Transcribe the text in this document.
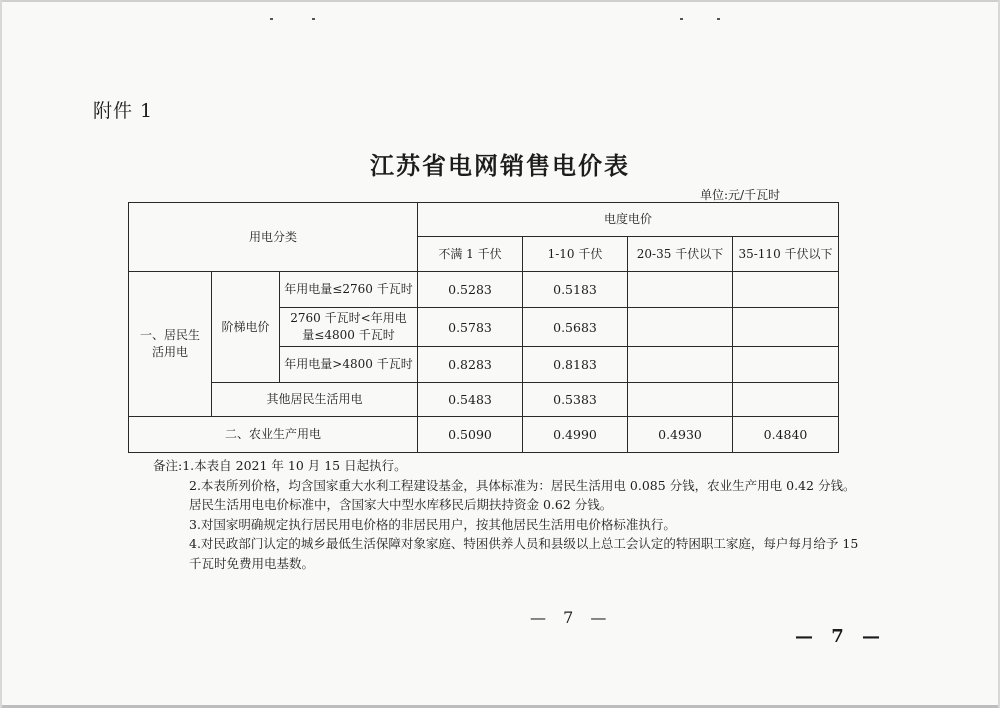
附件 1
江苏省电网销售电价表
单位:元/千瓦时
用电分类			电度电价			
			不满 1 千伏	1-10 千伏	20-35 千伏以下	35-110 千伏以下
一、居民生活用电	阶梯电价	年用电量≤2760 千瓦时	0.5283	0.5183		
		2760 千瓦时<年用电量≤4800 千瓦时	0.5783	0.5683		
		年用电量>4800 千瓦时	0.8283	0.8183		
	其他居民生活用电		0.5483	0.5383		
二、农业生产用电			0.5090	0.4990	0.4930	0.4840

备注:1.本表自 2021 年 10 月 15 日起执行。

2.本表所列价格，均含国家重大水利工程建设基金，具体标准为：居民生活用电 0.085 分钱，农业生产用电 0.42 分钱。居民生活用电电价标准中，含国家大中型水库移民后期扶持资金 0.62 分钱。

3.对国家明确规定执行居民用电价格的非居民用户，按其他居民生活用电价格标准执行。

4.对民政部门认定的城乡最低生活保障对象家庭、特困供养人员和县级以上总工会认定的特困职工家庭，每户每月给予 15 千瓦时免费用电基数。

— 7 —
— 7 —
